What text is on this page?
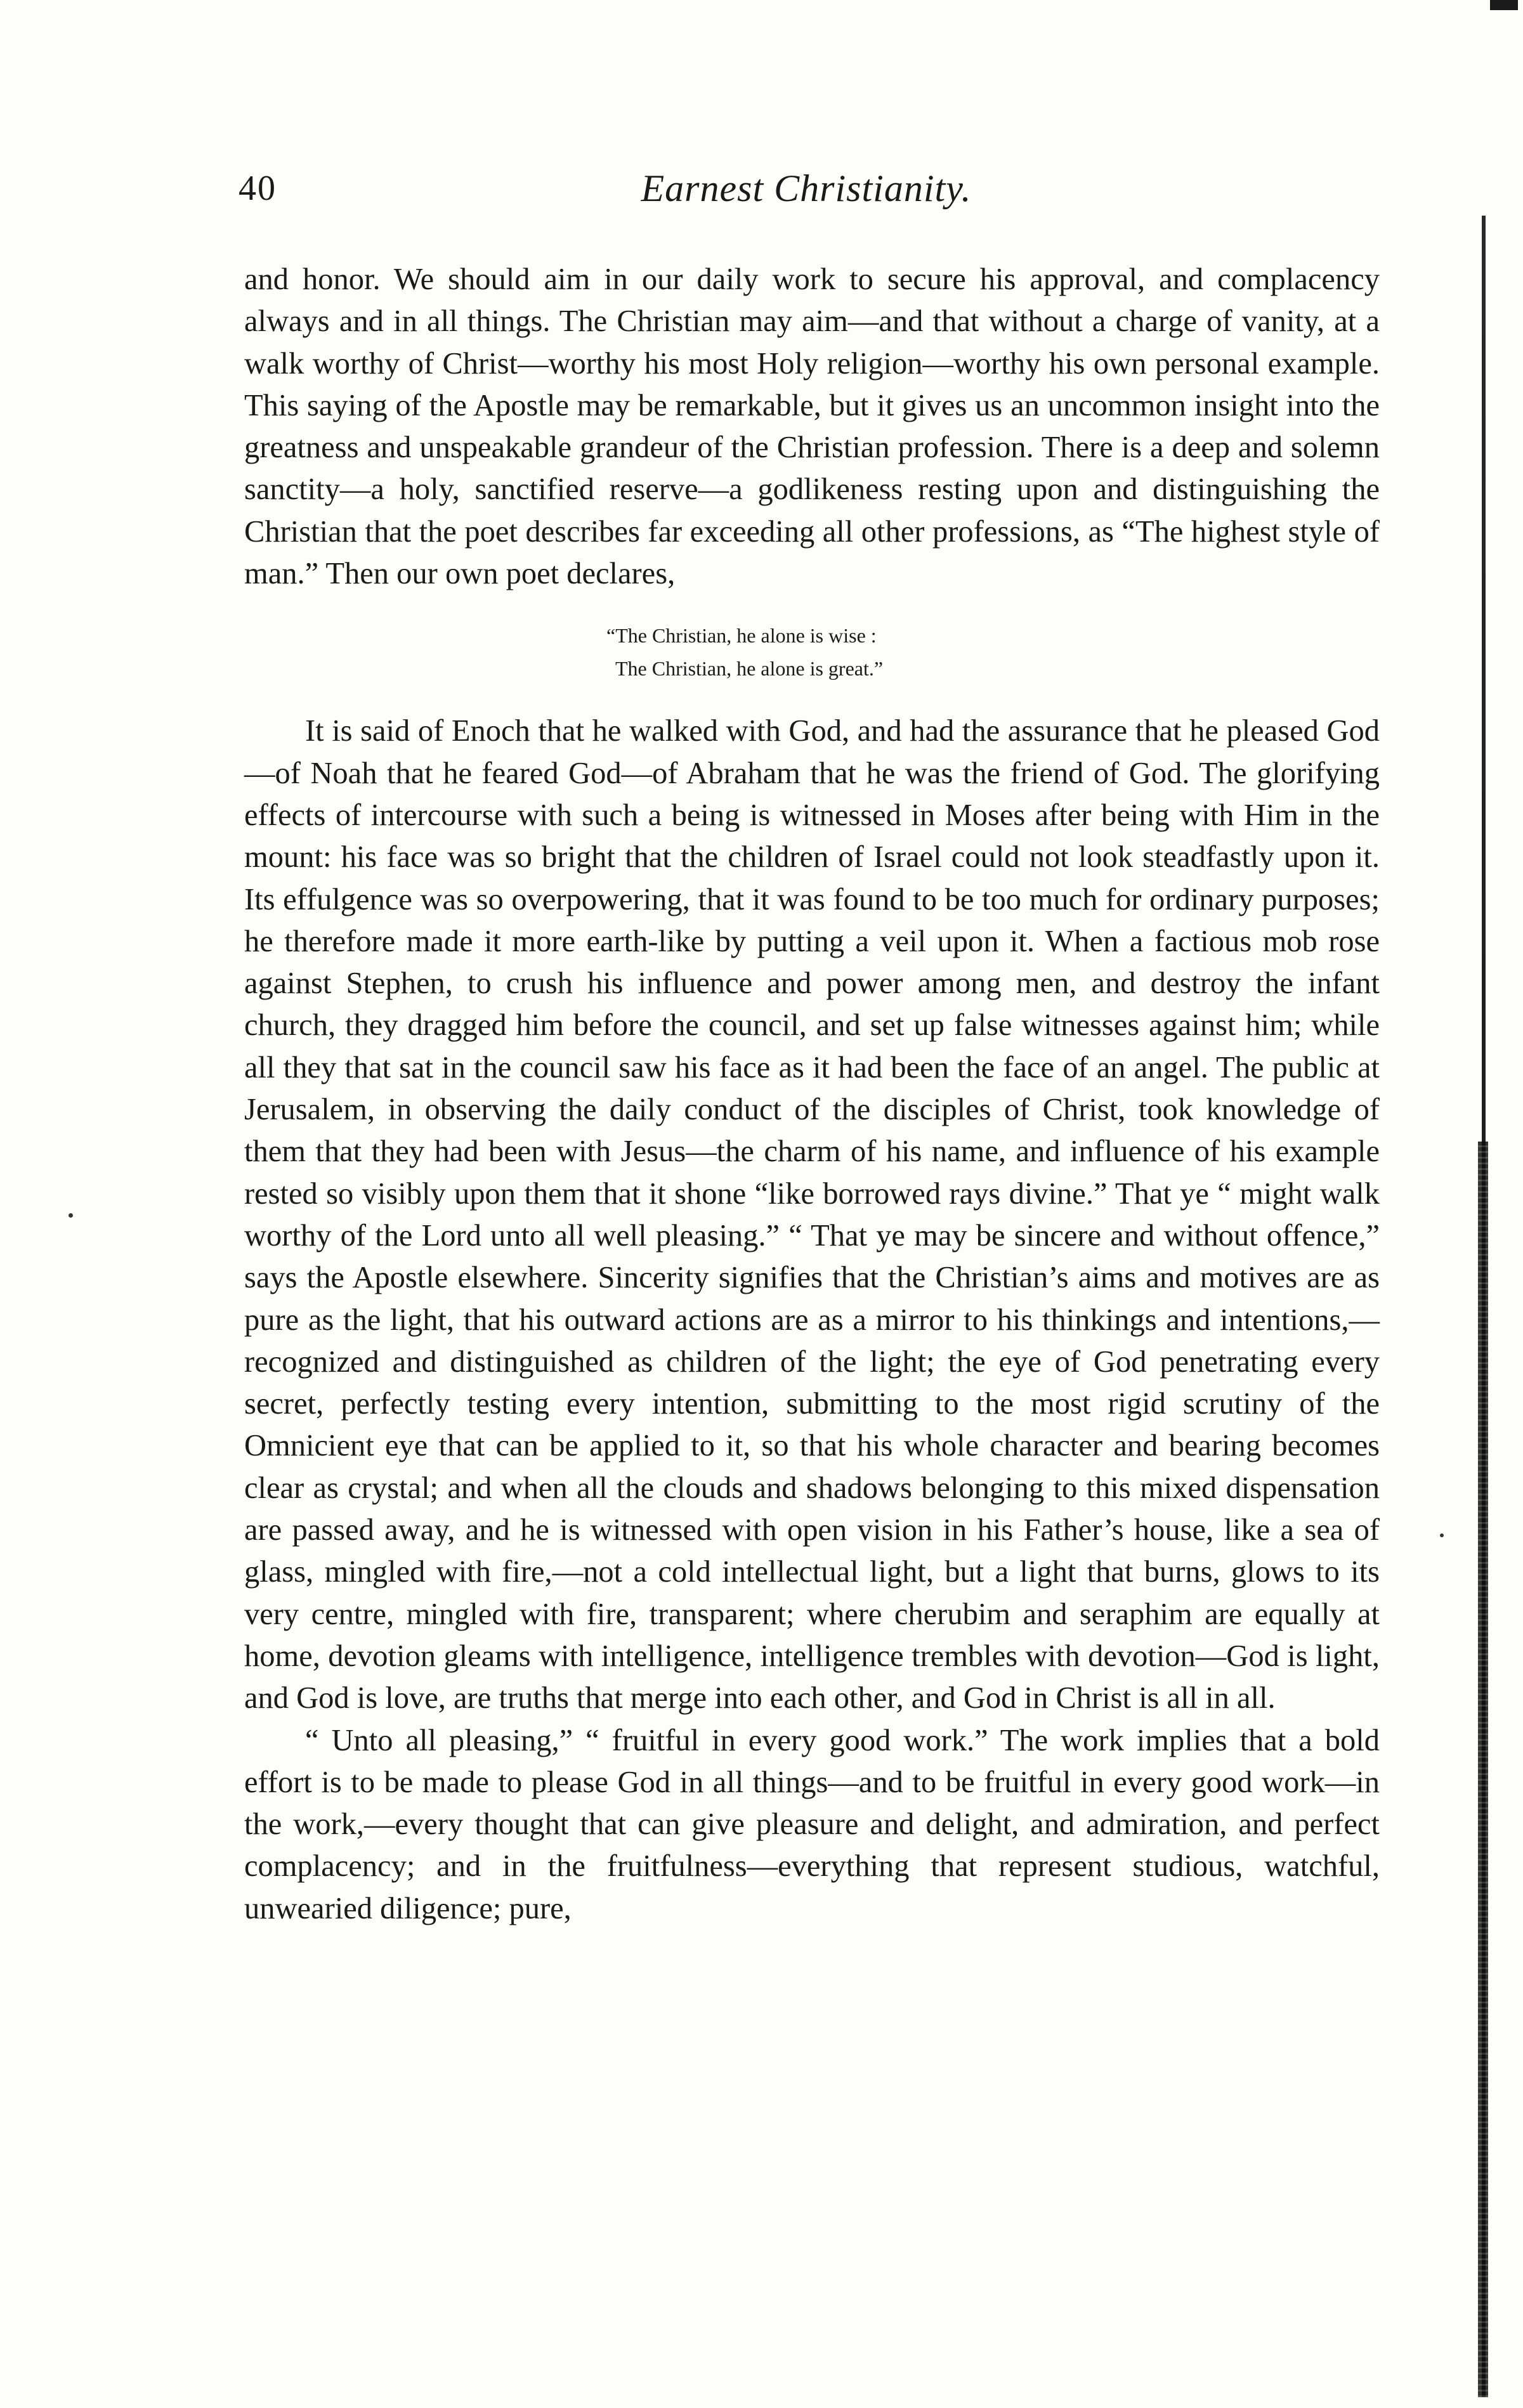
40	Earnest Christianity.

and honor. We should aim in our daily work to secure his approval, and complacency always and in all things. The Christian may aim—and that without a charge of vanity, at a walk worthy of Christ—worthy his most Holy religion—worthy his own personal example. This saying of the Apostle may be remarkable, but it gives us an uncommon insight into the greatness and unspeakable grandeur of the Christian profession. There is a deep and solemn sanctity—a holy, sanctified reserve—a godlikeness resting upon and distinguishing the Christian that the poet describes far exceeding all other professions, as “The highest style of man.” Then our own poet declares,

“The Christian, he alone is wise :
The Christian, he alone is great.”

It is said of Enoch that he walked with God, and had the assurance that he pleased God—of Noah that he feared God—of Abraham that he was the friend of God. The glorifying effects of intercourse with such a being is witnessed in Moses after being with Him in the mount: his face was so bright that the children of Israel could not look steadfastly upon it. Its effulgence was so overpowering, that it was found to be too much for ordinary purposes; he therefore made it more earth-like by putting a veil upon it. When a factious mob rose against Stephen, to crush his influence and power among men, and destroy the infant church, they dragged him before the council, and set up false witnesses against him; while all they that sat in the council saw his face as it had been the face of an angel. The public at Jerusalem, in observing the daily conduct of the disciples of Christ, took knowledge of them that they had been with Jesus—the charm of his name, and influence of his example rested so visibly upon them that it shone “like borrowed rays divine.” That ye “ might walk worthy of the Lord unto all well pleasing.” “ That ye may be sincere and without offence,” says the Apostle elsewhere. Sincerity signifies that the Christian’s aims and motives are as pure as the light, that his outward actions are as a mirror to his thinkings and intentions,—recognized and distinguished as children of the light; the eye of God penetrating every secret, perfectly testing every intention, submitting to the most rigid scrutiny of the Omnicient eye that can be applied to it, so that his whole character and bearing becomes clear as crystal; and when all the clouds and shadows belonging to this mixed dispensation are passed away, and he is witnessed with open vision in his Father’s house, like a sea of glass, mingled with fire,—not a cold intellectual light, but a light that burns, glows to its very centre, mingled with fire, transparent; where cherubim and seraphim are equally at home, devotion gleams with intelligence, intelligence trembles with devotion—God is light, and God is love, are truths that merge into each other, and God in Christ is all in all.

“ Unto all pleasing,” “ fruitful in every good work.” The work implies that a bold effort is to be made to please God in all things—and to be fruitful in every good work—in the work,—every thought that can give pleasure and delight, and admiration, and perfect complacency; and in the fruitfulness—everything that represent studious, watchful, unwearied diligence; pure,
